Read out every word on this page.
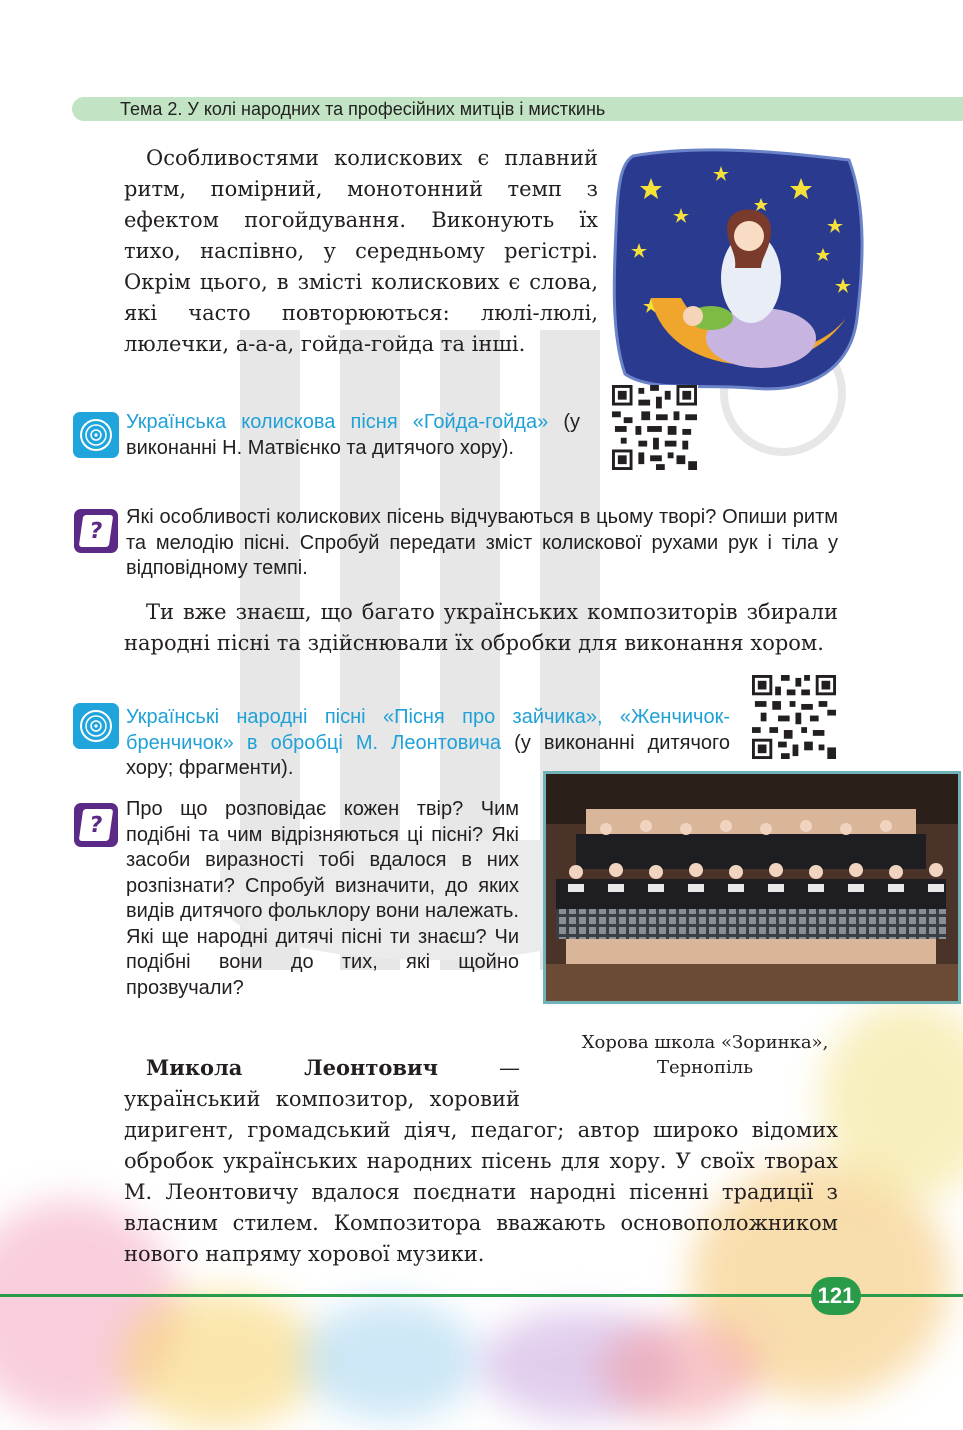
Тема 2. У колі народних та професійних митців і мисткинь

Особливостями колискових є плавний ритм, помірний, монотонний темп з ефектом погойдування. Виконують їх тихо, наспівно, у середньому регістрі. Окрім цього, в змісті колискових є слова, які часто повторюються: люлі-люлі, люлечки, а-а-а, гойда-гойда та інші.

Українська колискова пісня «Гойда-гойда» (у виконанні Н. Матвієнко та дитячого хору).

?

Які особливості колискових пісень відчуваються в цьому творі? Опиши ритм та мелодію пісні. Спробуй передати зміст колискової рухами рук і тіла у відповідному темпі.

Ти вже знаєш, що багато українських композиторів збирали народні пісні та здійснювали їх обробки для виконання хором.

Українські народні пісні «Пісня про зайчика», «Женчичок-бренчичок» в обробці М. Леонтовича (у виконанні дитячого хору; фрагменти).

?

Про що розповідає кожен твір? Чим подібні та чим відрізняються ці пісні? Які засоби виразності тобі вдалося в них розпізнати? Спробуй визначити, до яких видів дитячого фольклору вони належать. Які ще народні дитячі пісні ти знаєш? Чи подібні вони до тих, які щойно прозвучали?

Хорова школа «Зоринка»,
Тернопіль

Микола Леонтович — український композитор, хоровий диригент, громадський діяч, педагог; автор широко відомих обробок українських народних пісень для хору. У своїх творах М. Леонтовичу вдалося поєднати народні пісенні традиції з власним стилем. Композитора вважають основоположником нового напряму хорової музики.

121
